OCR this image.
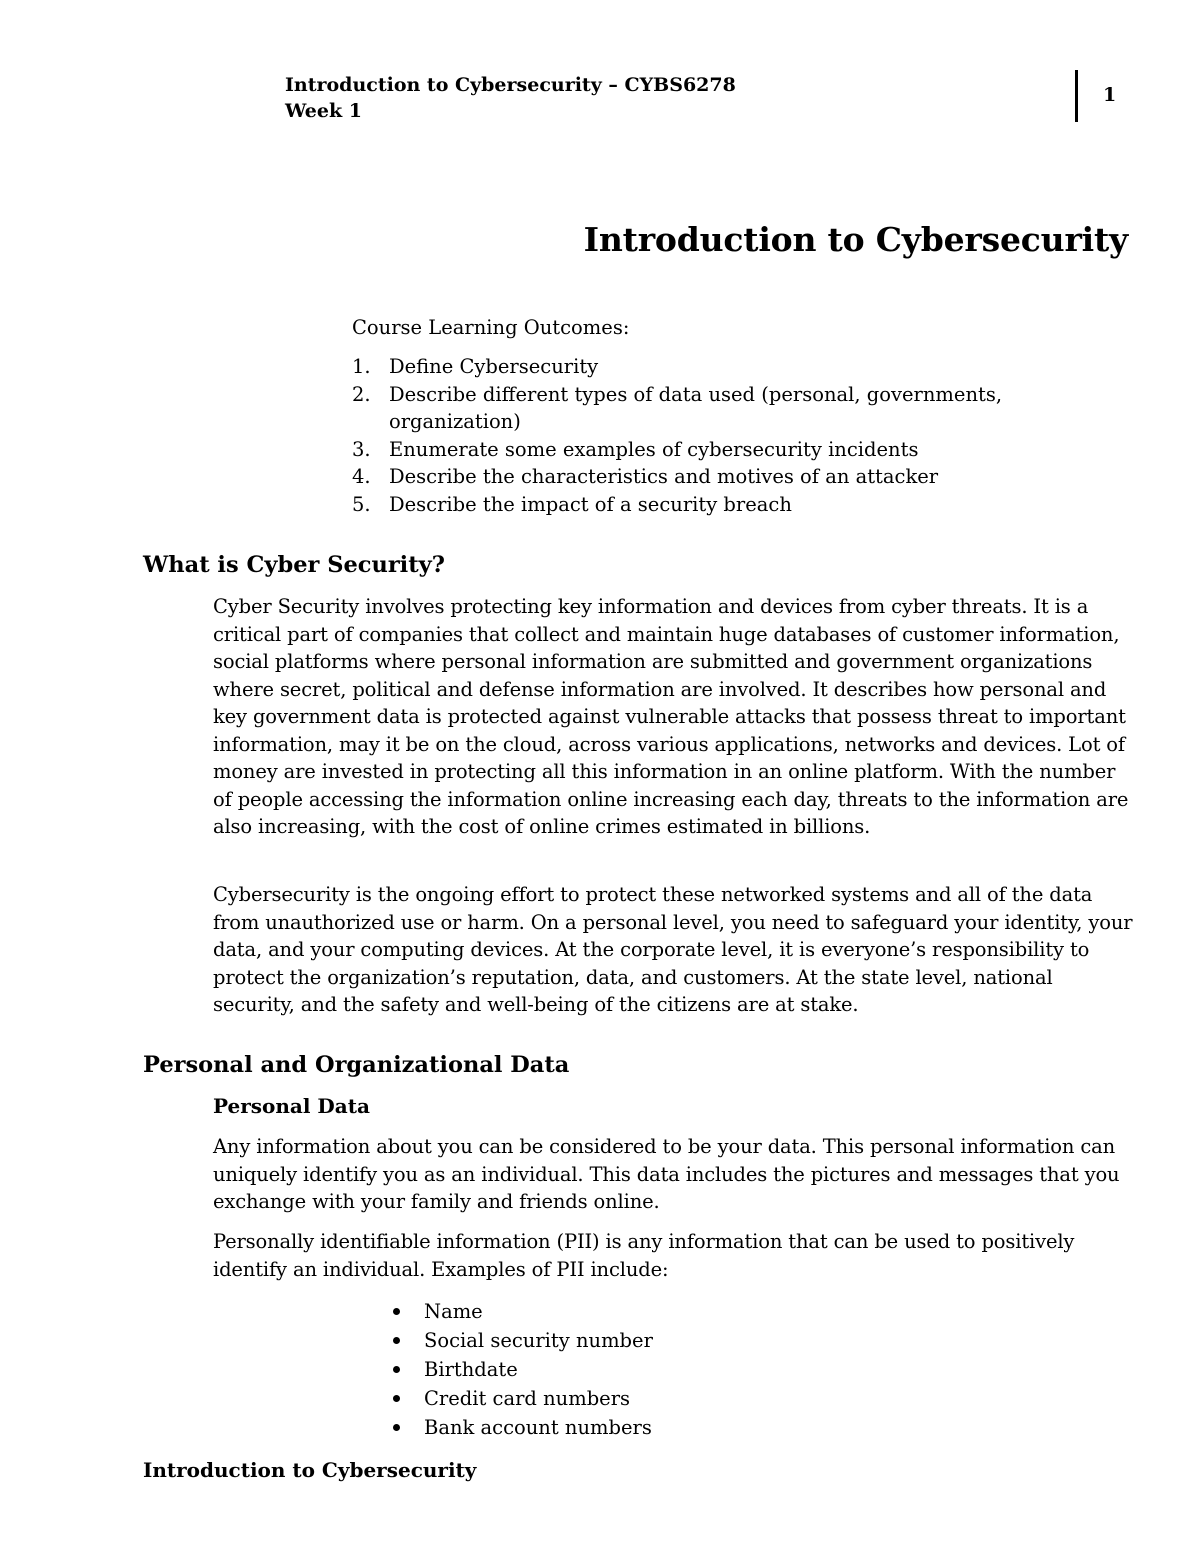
Introduction to Cybersecurity – CYBS6278
Week 1
1
Introduction to Cybersecurity
Course Learning Outcomes:
1. Define Cybersecurity
2. Describe different types of data used (personal, governments, organization)
3. Enumerate some examples of cybersecurity incidents
4. Describe the characteristics and motives of an attacker
5. Describe the impact of a security breach
What is Cyber Security?

Cyber Security involves protecting key information and devices from cyber threats. It is a critical part of companies that collect and maintain huge databases of customer information, social platforms where personal information are submitted and government organizations where secret, political and defense information are involved. It describes how personal and key government data is protected against vulnerable attacks that possess threat to important information, may it be on the cloud, across various applications, networks and devices. Lot of money are invested in protecting all this information in an online platform. With the number of people accessing the information online increasing each day, threats to the information are also increasing, with the cost of online crimes estimated in billions.

Cybersecurity is the ongoing effort to protect these networked systems and all of the data from unauthorized use or harm. On a personal level, you need to safeguard your identity, your data, and your computing devices. At the corporate level, it is everyone’s responsibility to protect the organization’s reputation, data, and customers. At the state level, national security, and the safety and well-being of the citizens are at stake.

Personal and Organizational Data
Personal Data

Any information about you can be considered to be your data. This personal information can uniquely identify you as an individual. This data includes the pictures and messages that you exchange with your family and friends online.

Personally identifiable information (PII) is any information that can be used to positively identify an individual. Examples of PII include:

Name
Social security number
Birthdate
Credit card numbers
Bank account numbers
Introduction to Cybersecurity
